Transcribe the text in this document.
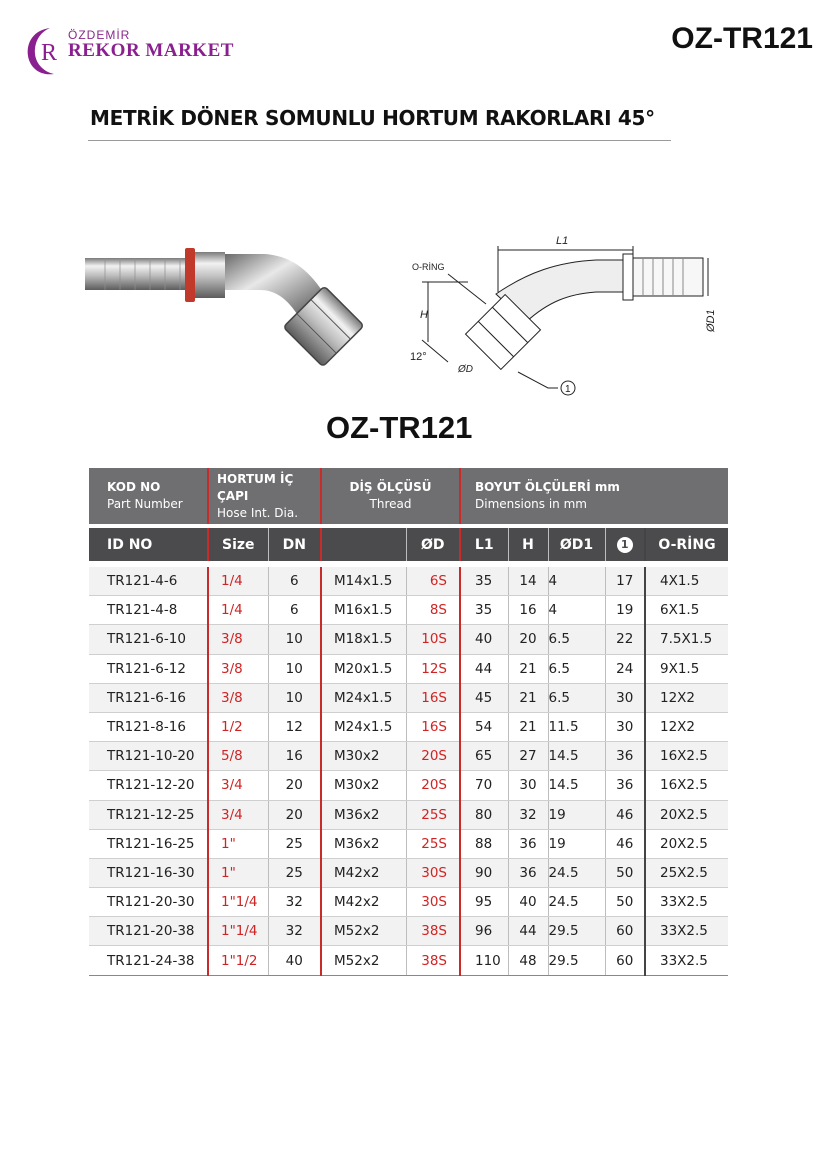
R
ÖZDEMİR
REKOR MARKET	OZ-TR121
METRİK DÖNER SOMUNLU HORTUM RAKORLARI 45°
L1
O-RİNG
H	ØD1
ØD
12°
1
OZ-TR121
KOD NO
Part Number	HORTUM İÇ ÇAPI
Hose Int. Dia.		DİŞ ÖLÇÜSÜ
Thread		BOYUT ÖLÇÜLERİ mm
Dimensions in mm				

ID NO	Size	DN		ØD	L1	H	ØD1	1	O-RİNG

TR121-4-6	1/4	6	M14x1.5	6S	35	14	4	17	4X1.5
TR121-4-8	1/4	6	M16x1.5	8S	35	16	4	19	6X1.5
TR121-6-10	3/8	10	M18x1.5	10S	40	20	6.5	22	7.5X1.5
TR121-6-12	3/8	10	M20x1.5	12S	44	21	6.5	24	9X1.5
TR121-6-16	3/8	10	M24x1.5	16S	45	21	6.5	30	12X2
TR121-8-16	1/2	12	M24x1.5	16S	54	21	11.5	30	12X2
TR121-10-20	5/8	16	M30x2	20S	65	27	14.5	36	16X2.5
TR121-12-20	3/4	20	M30x2	20S	70	30	14.5	36	16X2.5
TR121-12-25	3/4	20	M36x2	25S	80	32	19	46	20X2.5
TR121-16-25	1"	25	M36x2	25S	88	36	19	46	20X2.5
TR121-16-30	1"	25	M42x2	30S	90	36	24.5	50	25X2.5
TR121-20-30	1"1/4	32	M42x2	30S	95	40	24.5	50	33X2.5
TR121-20-38	1"1/4	32	M52x2	38S	96	44	29.5	60	33X2.5
TR121-24-38	1"1/2	40	M52x2	38S	110	48	29.5	60	33X2.5
